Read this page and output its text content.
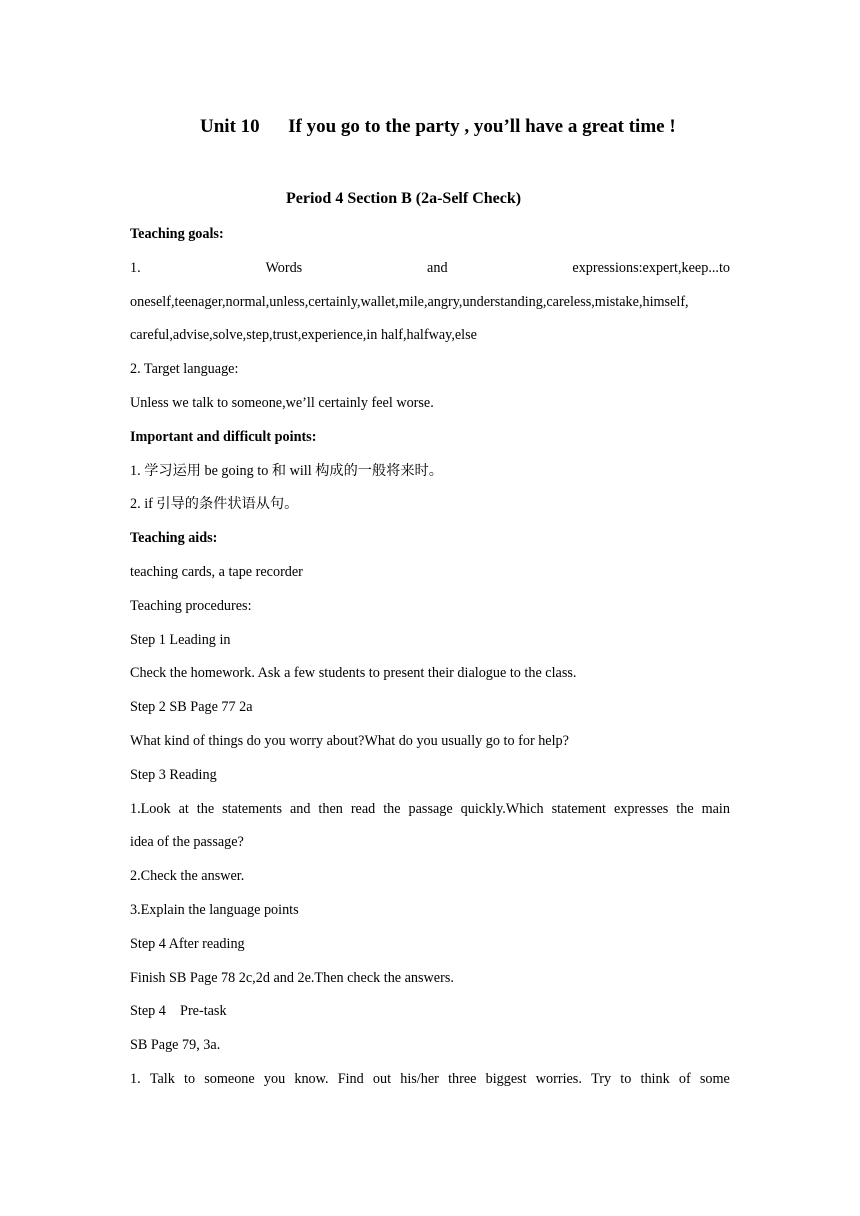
Unit 10      If you go to the party , you’ll have a great time !

Period 4 Section B (2a-Self Check)

Teaching goals:

1.	Words	and	expressions:expert,keep...to

oneself,teenager,normal,unless,certainly,wallet,mile,angry,understanding,careless,mistake,himself,

careful,advise,solve,step,trust,experience,in half,halfway,else

2. Target language:

Unless we talk to someone,we’ll certainly feel worse.

Important and difficult points:

1. 学习运用 be going to 和 will 构成的一般将来时。

2. if 引导的条件状语从句。

Teaching aids:

teaching cards, a tape recorder

Teaching procedures:

Step 1 Leading in

Check the homework. Ask a few students to present their dialogue to the class.

Step 2 SB Page 77 2a

What kind of things do you worry about?What do you usually go to for help?

Step 3 Reading

1.Look at the statements and then read the passage quickly.Which statement expresses the main

idea of the passage?

2.Check the answer.

3.Explain the language points

Step 4 After reading

Finish SB Page 78 2c,2d and 2e.Then check the answers.

Step 4    Pre-task

SB Page 79, 3a.

1. Talk to someone you know. Find out his/her three biggest worries. Try to think of some
